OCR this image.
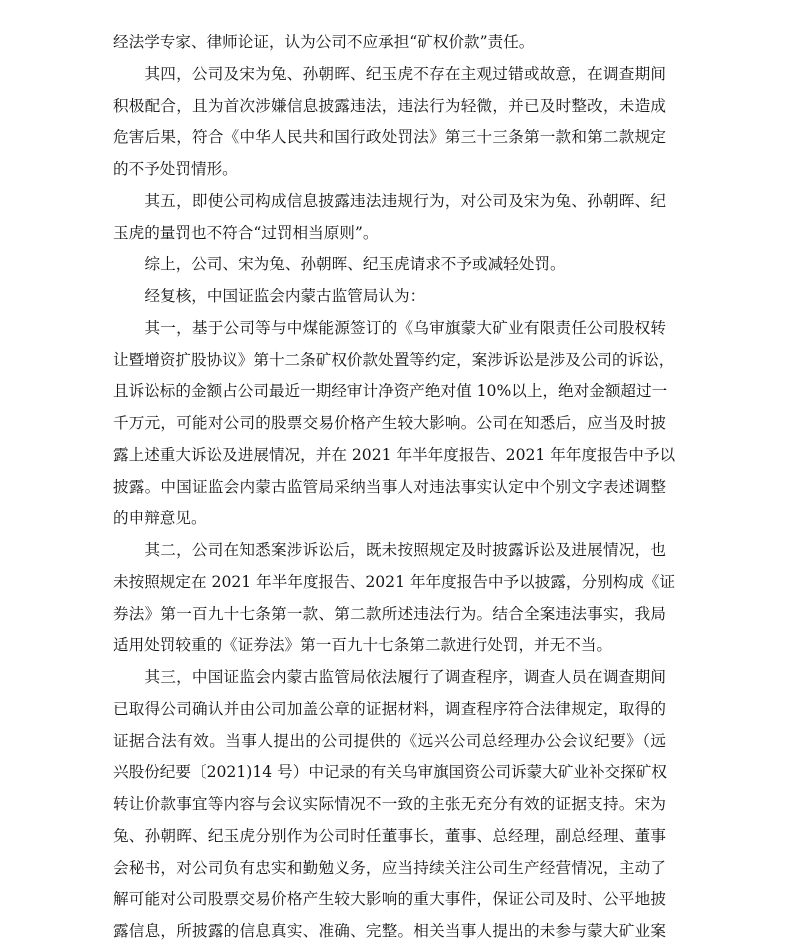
经法学专家、律师论证，认为公司不应承担“矿权价款”责任。
其四，公司及宋为兔、孙朝晖、纪玉虎不存在主观过错或故意，在调查期间
积极配合，且为首次涉嫌信息披露违法，违法行为轻微，并已及时整改，未造成
危害后果，符合《中华人民共和国行政处罚法》第三十三条第一款和第二款规定
的不予处罚情形。
其五，即使公司构成信息披露违法违规行为，对公司及宋为兔、孙朝晖、纪
玉虎的量罚也不符合“过罚相当原则”。
综上，公司、宋为兔、孙朝晖、纪玉虎请求不予或减轻处罚。
经复核，中国证监会内蒙古监管局认为：
其一，基于公司等与中煤能源签订的《乌审旗蒙大矿业有限责任公司股权转
让暨增资扩股协议》第十二条矿权价款处置等约定，案涉诉讼是涉及公司的诉讼，
且诉讼标的金额占公司最近一期经审计净资产绝对值 10%以上，绝对金额超过一
千万元，可能对公司的股票交易价格产生较大影响。公司在知悉后，应当及时披
露上述重大诉讼及进展情况，并在 2021 年半年度报告、2021 年年度报告中予以
披露。中国证监会内蒙古监管局采纳当事人对违法事实认定中个别文字表述调整
的申辩意见。
其二，公司在知悉案涉诉讼后，既未按照规定及时披露诉讼及进展情况，也
未按照规定在 2021 年半年度报告、2021 年年度报告中予以披露，分别构成《证
券法》第一百九十七条第一款、第二款所述违法行为。结合全案违法事实，我局
适用处罚较重的《证券法》第一百九十七条第二款进行处罚，并无不当。
其三，中国证监会内蒙古监管局依法履行了调查程序，调查人员在调查期间
已取得公司确认并由公司加盖公章的证据材料，调查程序符合法律规定，取得的
证据合法有效。当事人提出的公司提供的《远兴公司总经理办公会议纪要》（远
兴股份纪要〔2021)14 号）中记录的有关乌审旗国资公司诉蒙大矿业补交探矿权
转让价款事宜等内容与会议实际情况不一致的主张无充分有效的证据支持。宋为
兔、孙朝晖、纪玉虎分别作为公司时任董事长，董事、总经理，副总经理、董事
会秘书，对公司负有忠实和勤勉义务，应当持续关注公司生产经营情况，主动了
解可能对公司股票交易价格产生较大影响的重大事件，保证公司及时、公平地披
露信息，所披露的信息真实、准确、完整。相关当事人提出的未参与蒙大矿业案
